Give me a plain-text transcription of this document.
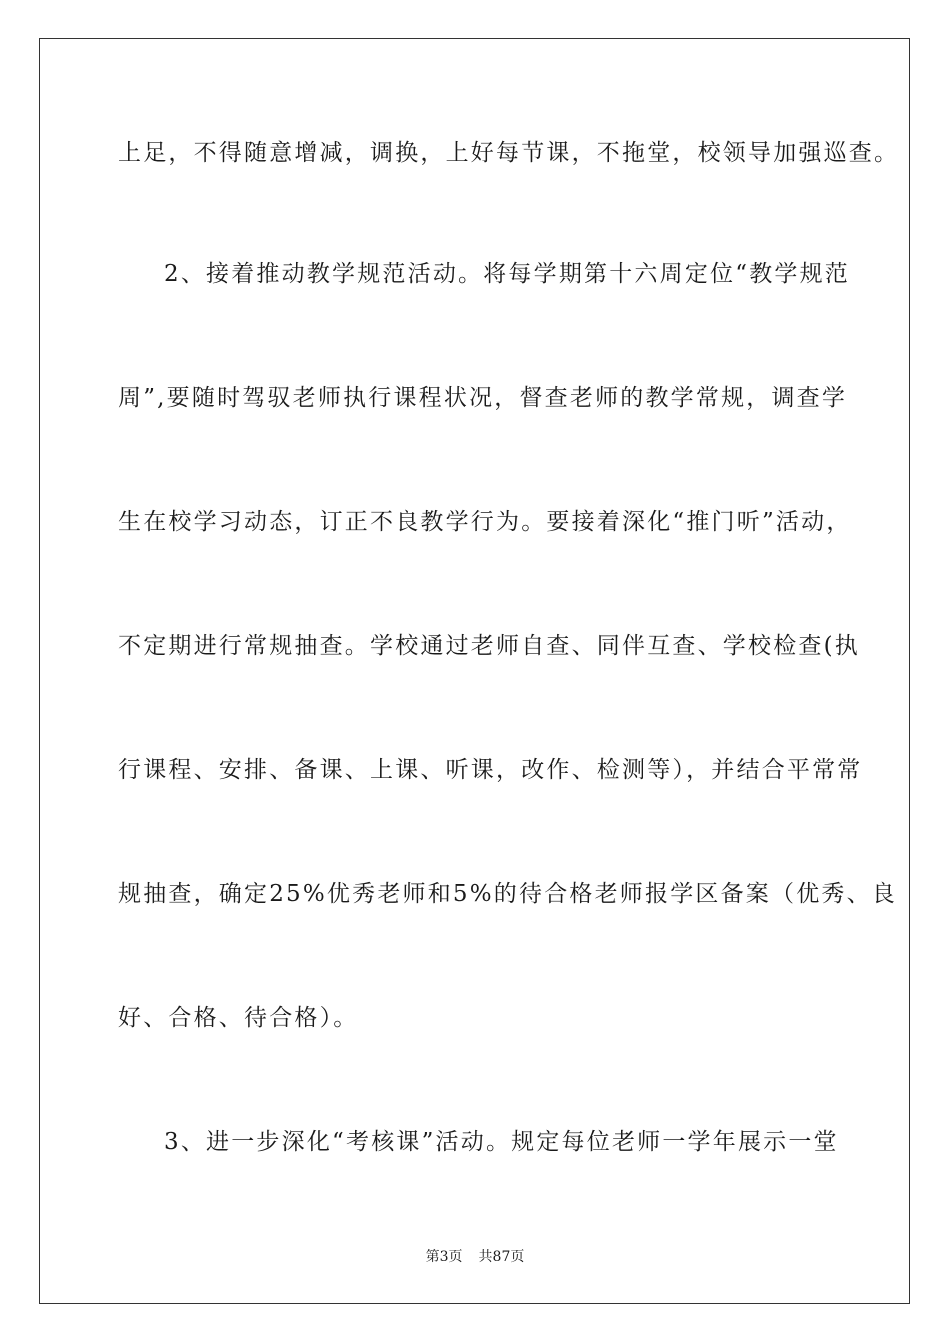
上足，不得随意增减，调换，上好每节课，不拖堂，校领导加强巡查。
2、接着推动教学规范活动。将每学期第十六周定位“教学规范
周”,要随时驾驭老师执行课程状况，督查老师的教学常规，调查学
生在校学习动态，订正不良教学行为。要接着深化“推门听”活动，
不定期进行常规抽查。学校通过老师自查、同伴互查、学校检查(执
行课程、安排、备课、上课、听课，改作、检测等），并结合平常常
规抽查，确定25%优秀老师和5%的待合格老师报学区备案（优秀、良
好、合格、待合格）。
3、进一步深化“考核课”活动。规定每位老师一学年展示一堂
第3页 共87页
